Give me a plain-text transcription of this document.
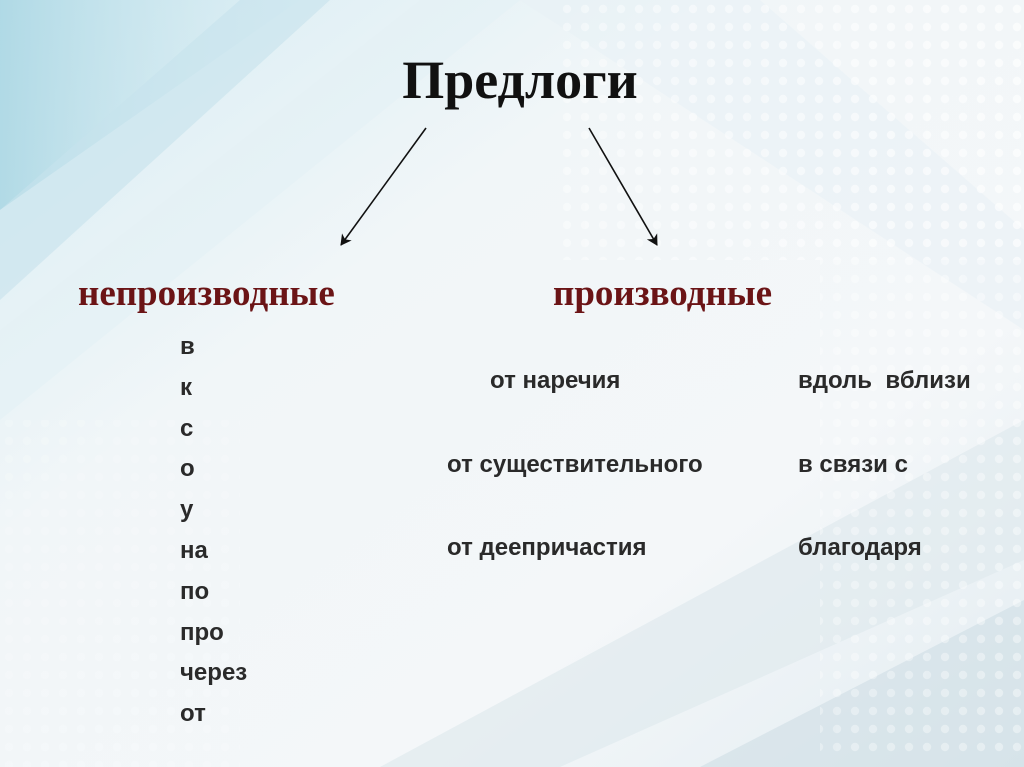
Предлоги
непроизводные	производные
в
к
с
о
у
на
по
про
через
от
от наречия	вдоль  вблизи
от существительного	в связи с
от деепричастия	благодаря
